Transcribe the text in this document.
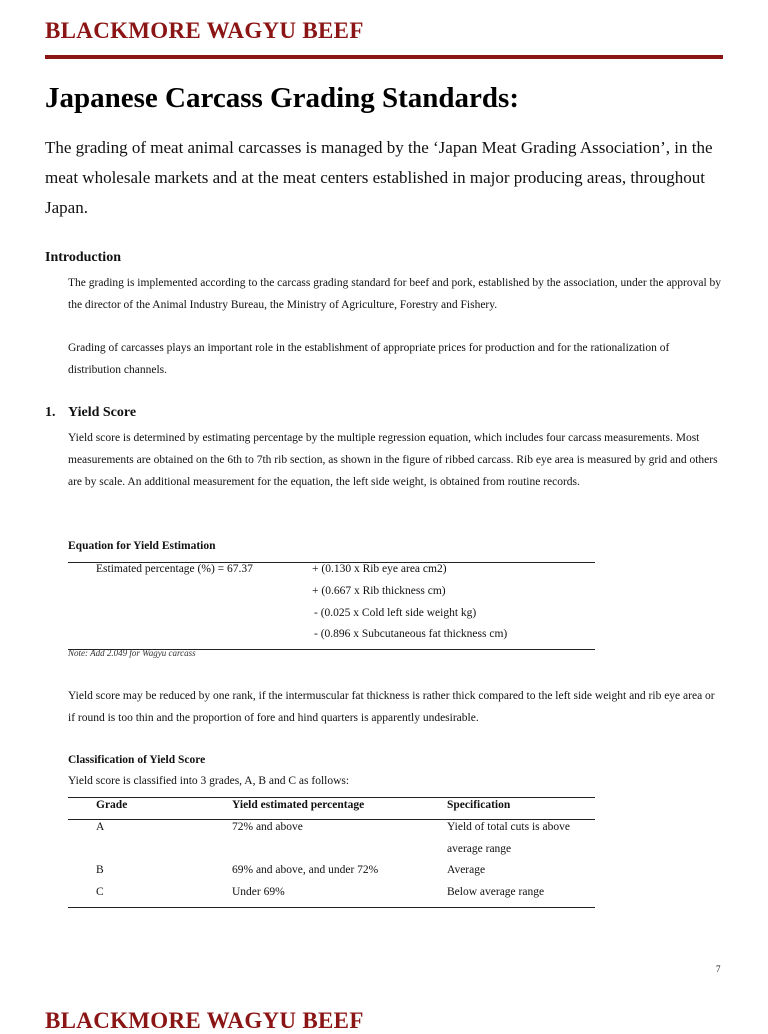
BLACKMORE WAGYU BEEF
Japanese Carcass Grading Standards:

The grading of meat animal carcasses is managed by the ‘Japan Meat Grading Association’, in the meat wholesale markets and at the meat centers established in major producing areas, throughout Japan.

Introduction

The grading is implemented according to the carcass grading standard for beef and pork, established by the association, under the approval by the director of the Animal Industry Bureau, the Ministry of Agriculture, Forestry and Fishery.

Grading of carcasses plays an important role in the establishment of appropriate prices for production and for the rationalization of distribution channels.

1. Yield Score

Yield score is determined by estimating percentage by the multiple regression equation, which includes four carcass measurements. Most measurements are obtained on the 6th to 7th rib section, as shown in the figure of ribbed carcass. Rib eye area is measured by grid and others are by scale. An additional measurement for the equation, the left side weight, is obtained from routine records.

Equation for Yield Estimation
Estimated percentage (%) = 67.37	+ (0.130 x Rib eye area cm2)
+ (0.667 x Rib thickness cm)
- (0.025 x Cold left side weight kg)
- (0.896 x Subcutaneous fat thickness cm)
Note: Add 2.049 for Wagyu carcass

Yield score may be reduced by one rank, if the intermuscular fat thickness is rather thick compared to the left side weight and rib eye area or if round is too thin and the proportion of fore and hind quarters is apparently undesirable.

Classification of Yield Score
Yield score is classified into 3 grades, A, B and C as follows:
Grade	Yield estimated percentage	Specification
A	72% and above	Yield of total cuts is above average range
B	69% and above, and under 72%	Average
C	Under 69%	Below average range
7
BLACKMORE WAGYU BEEF
